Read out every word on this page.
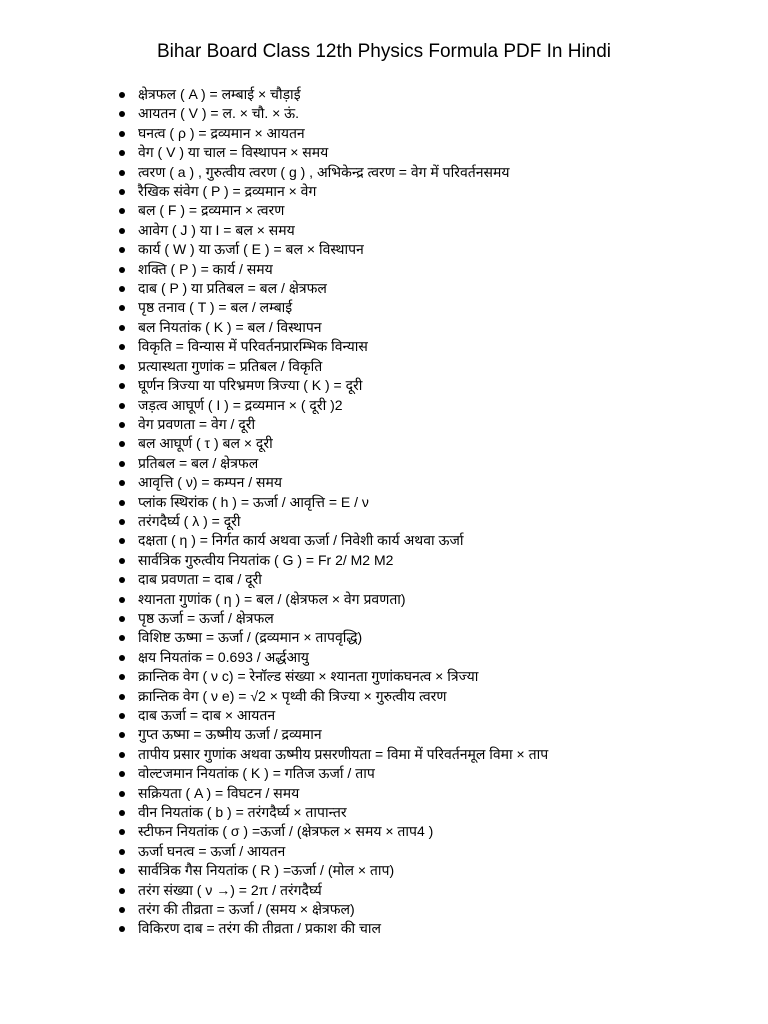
Bihar Board Class 12th Physics Formula PDF In Hindi
क्षेत्रफल ( A ) = लम्बाई × चौड़ाई
आयतन ( V ) = ल. × चौ. × ऊं.
घनत्व ( ρ ) = द्रव्यमान × आयतन
वेग ( V ) या चाल = विस्थापन × समय
त्वरण ( a ) , गुरुत्वीय त्वरण ( g ) , अभिकेन्द्र त्वरण = वेग में परिवर्तनसमय
रैखिक संवेग ( P ) = द्रव्यमान × वेग
बल ( F ) = द्रव्यमान × त्वरण
आवेग ( J ) या I = बल × समय
कार्य ( W ) या ऊर्जा ( E ) = बल × विस्थापन
शक्ति ( P ) = कार्य / समय
दाब ( P ) या प्रतिबल = बल / क्षेत्रफल
पृष्ठ तनाव ( T ) = बल / लम्बाई
बल नियतांक ( K ) = बल / विस्थापन
विकृति = विन्यास में परिवर्तनप्रारम्भिक विन्यास
प्रत्यास्थता गुणांक = प्रतिबल / विकृति
घूर्णन त्रिज्या या परिभ्रमण त्रिज्या ( K ) = दूरी
जड़त्व आघूर्ण ( I ) = द्रव्यमान × ( दूरी )2
वेग प्रवणता = वेग / दूरी
बल आघूर्ण ( τ ) बल × दूरी
प्रतिबल = बल / क्षेत्रफल
आवृत्ति ( ν) = कम्पन / समय
प्लांक स्थिरांक ( h ) = ऊर्जा / आवृत्ति = E / ν
तरंगदैर्घ्य ( λ ) = दूरी
दक्षता ( η ) = निर्गत कार्य अथवा ऊर्जा / निवेशी कार्य अथवा ऊर्जा
सार्वत्रिक गुरुत्वीय नियतांक ( G ) = Fr 2/ M2 M2
दाब प्रवणता = दाब / दूरी
श्यानता गुणांक ( η ) = बल / (क्षेत्रफल × वेग प्रवणता)
पृष्ठ ऊर्जा = ऊर्जा / क्षेत्रफल
विशिष्ट ऊष्मा = ऊर्जा / (द्रव्यमान × तापवृद्धि)
क्षय नियतांक = 0.693 / अर्द्धआयु
क्रान्तिक वेग ( ν c) = रेनॉल्ड संख्या × श्यानता गुणांकघनत्व × त्रिज्या
क्रान्तिक वेग ( ν e) = √2 × पृथ्वी की त्रिज्या × गुरुत्वीय त्वरण
दाब ऊर्जा = दाब × आयतन
गुप्त ऊष्मा = ऊष्मीय ऊर्जा / द्रव्यमान
तापीय प्रसार गुणांक अथवा ऊष्मीय प्रसरणीयता = विमा में परिवर्तनमूल विमा × ताप
वोल्टजमान नियतांक ( K ) = गतिज ऊर्जा / ताप
सक्रियता ( A ) = विघटन / समय
वीन नियतांक ( b ) = तरंगदैर्घ्य × तापान्तर
स्टीफन नियतांक ( σ ) =ऊर्जा / (क्षेत्रफल × समय × ताप4 )
ऊर्जा घनत्व = ऊर्जा / आयतन
सार्वत्रिक गैस नियतांक ( R ) =ऊर्जा / (मोल × ताप)
तरंग संख्या ( ν →) = 2π / तरंगदैर्घ्य
तरंग की तीव्रता = ऊर्जा / (समय × क्षेत्रफल)
विकिरण दाब = तरंग की तीव्रता / प्रकाश की चाल
